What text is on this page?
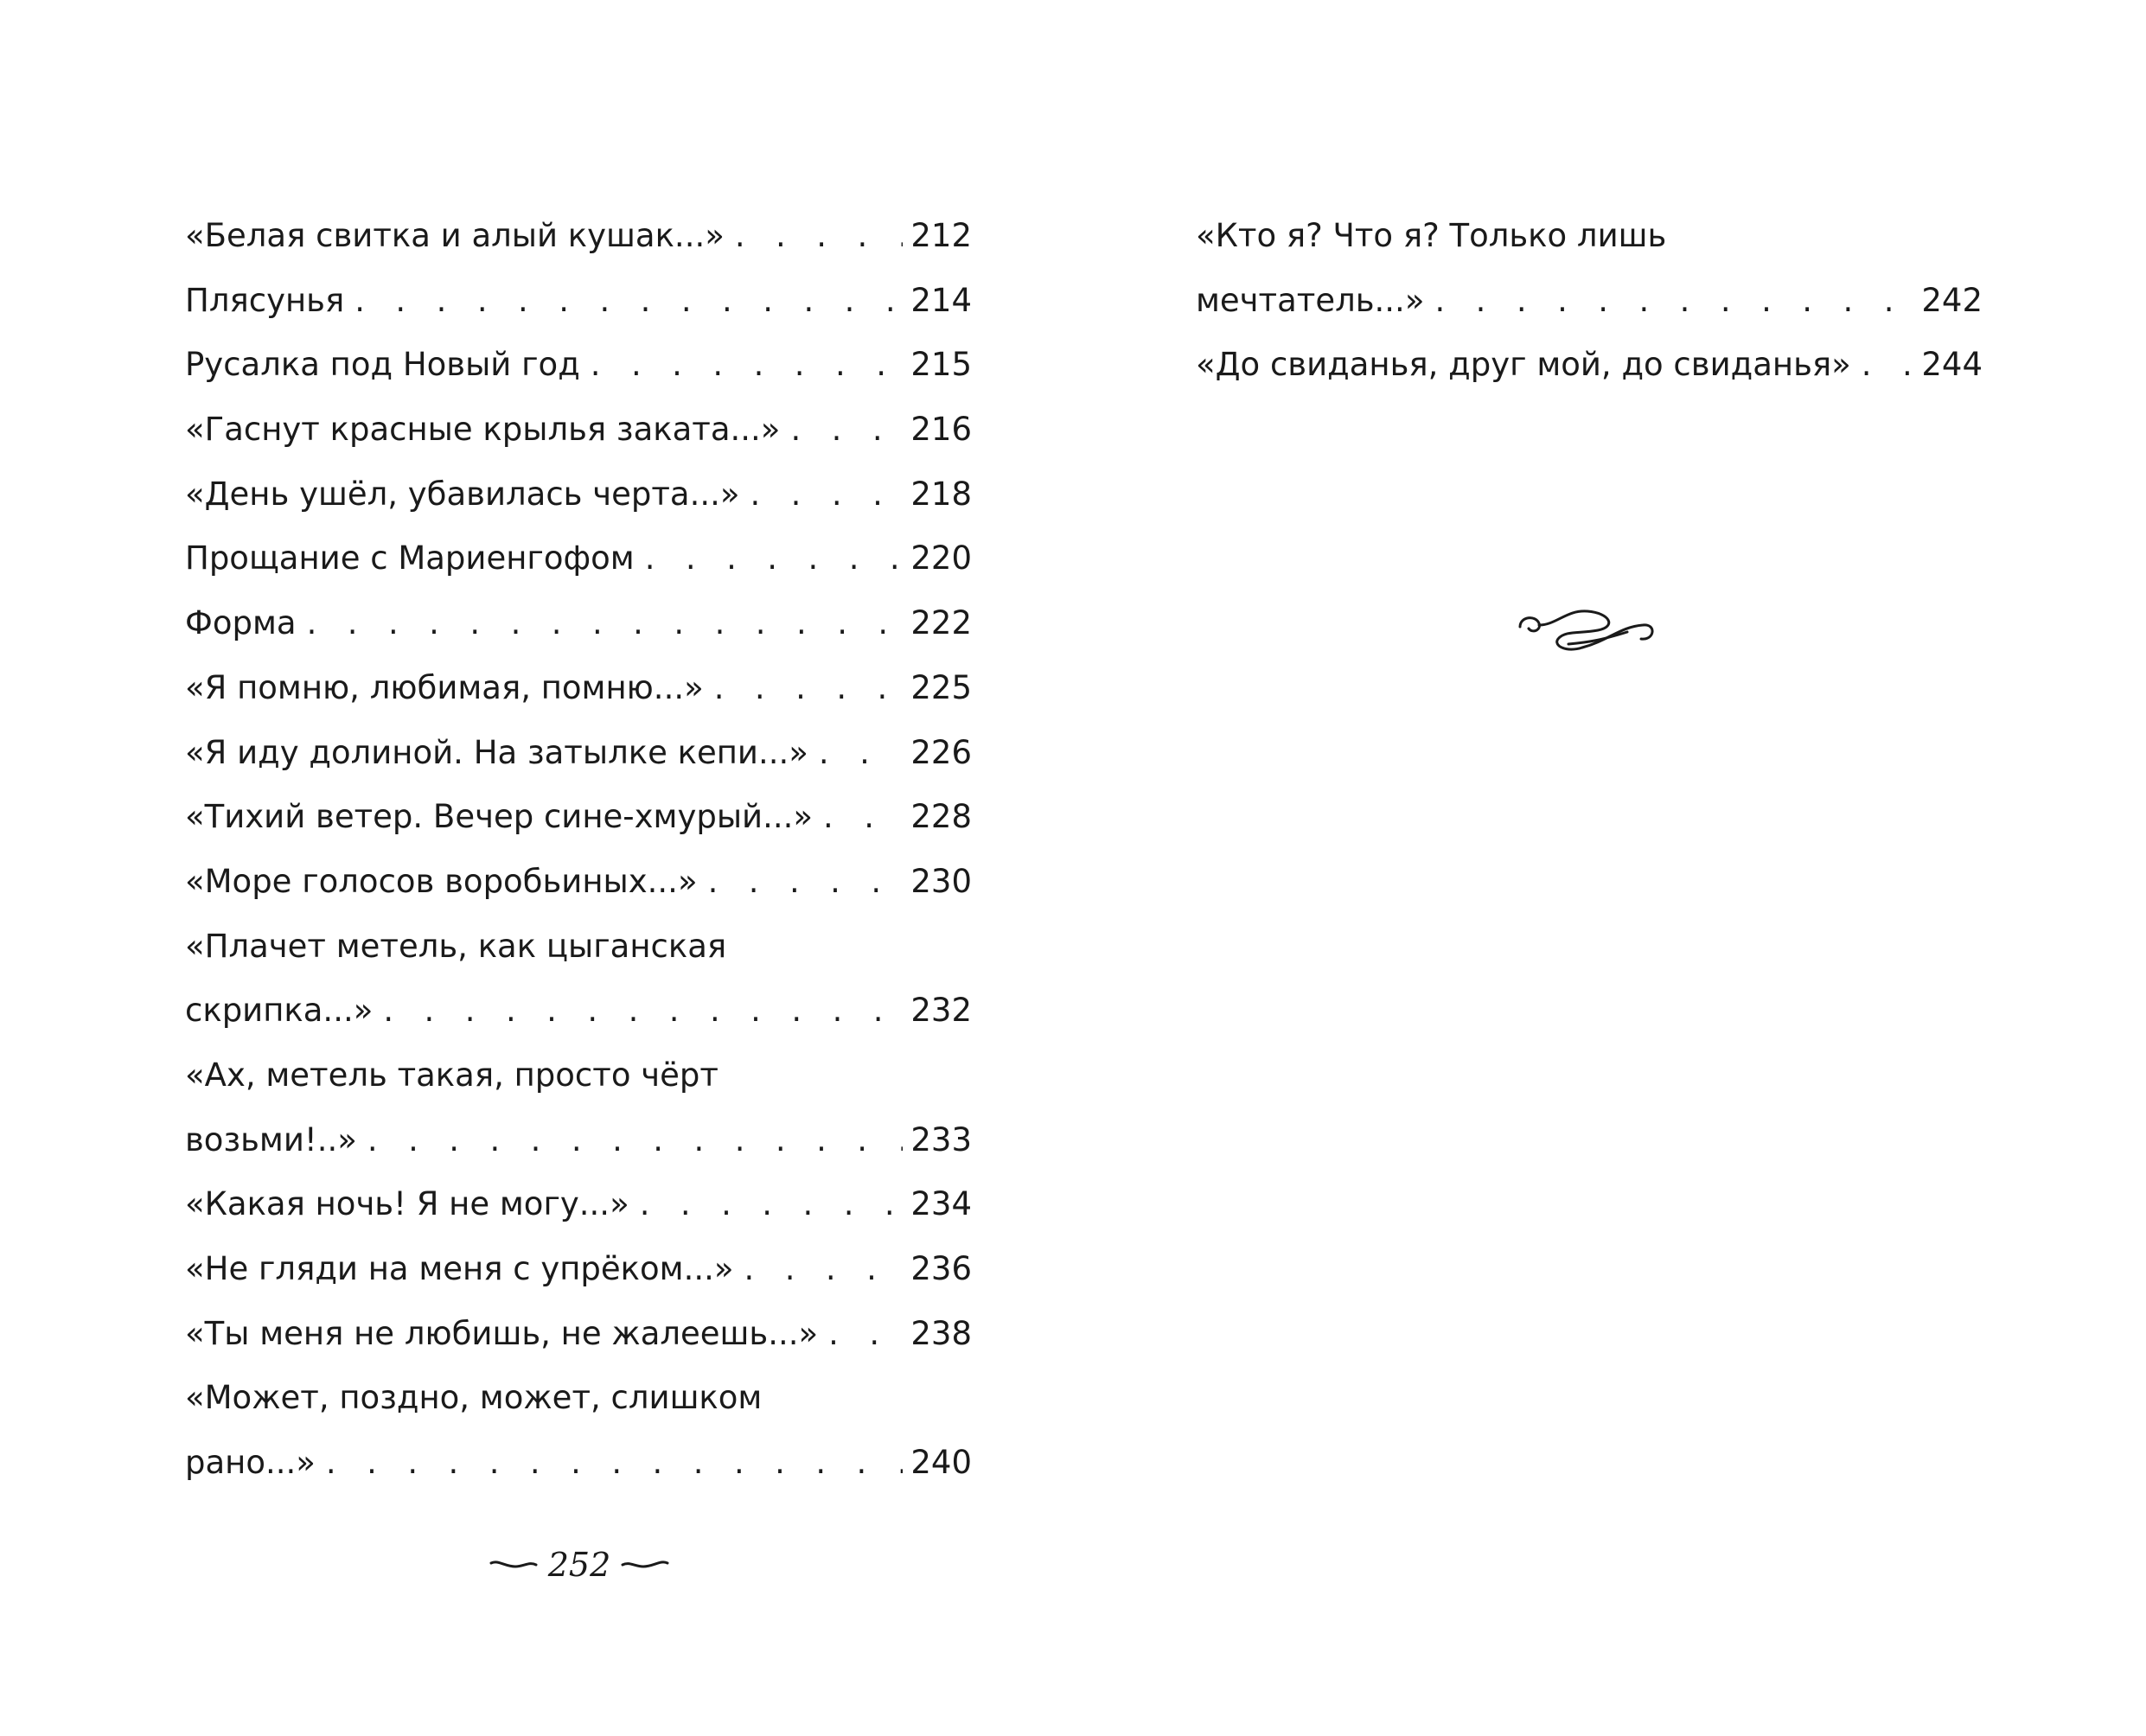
«Белая свитка и алый кушак...» . . .	212
Плясунья . . .	214
Русалка под Новый год . . .	215
«Гаснут красные крылья заката...» . . .	216
«День ушёл, убавилась черта...» . . .	218
Прощание с Мариенгофом . . .	220
Форма . . .	222
«Я помню, любимая, помню...» . . .	225
«Я иду долиной. На затылке кепи...» . . .	226
«Тихий ветер. Вечер сине-хмурый...» . . .	228
«Море голосов воробьиных...» . . .	230
«Плачет метель, как цыганская
скрипка...» . . .	232
«Ах, метель такая, просто чёрт
возьми!..» . . .	233
«Какая ночь! Я не могу...» . . .	234
«Не гляди на меня с упрёком...» . . .	236
«Ты меня не любишь, не жалеешь...» . . .	238
«Может, поздно, может, слишком
рано...» . . .	240
«Кто я? Что я? Только лишь
мечтатель...» . . .	242
«До свиданья, друг мой, до свиданья» . . . 244
252
